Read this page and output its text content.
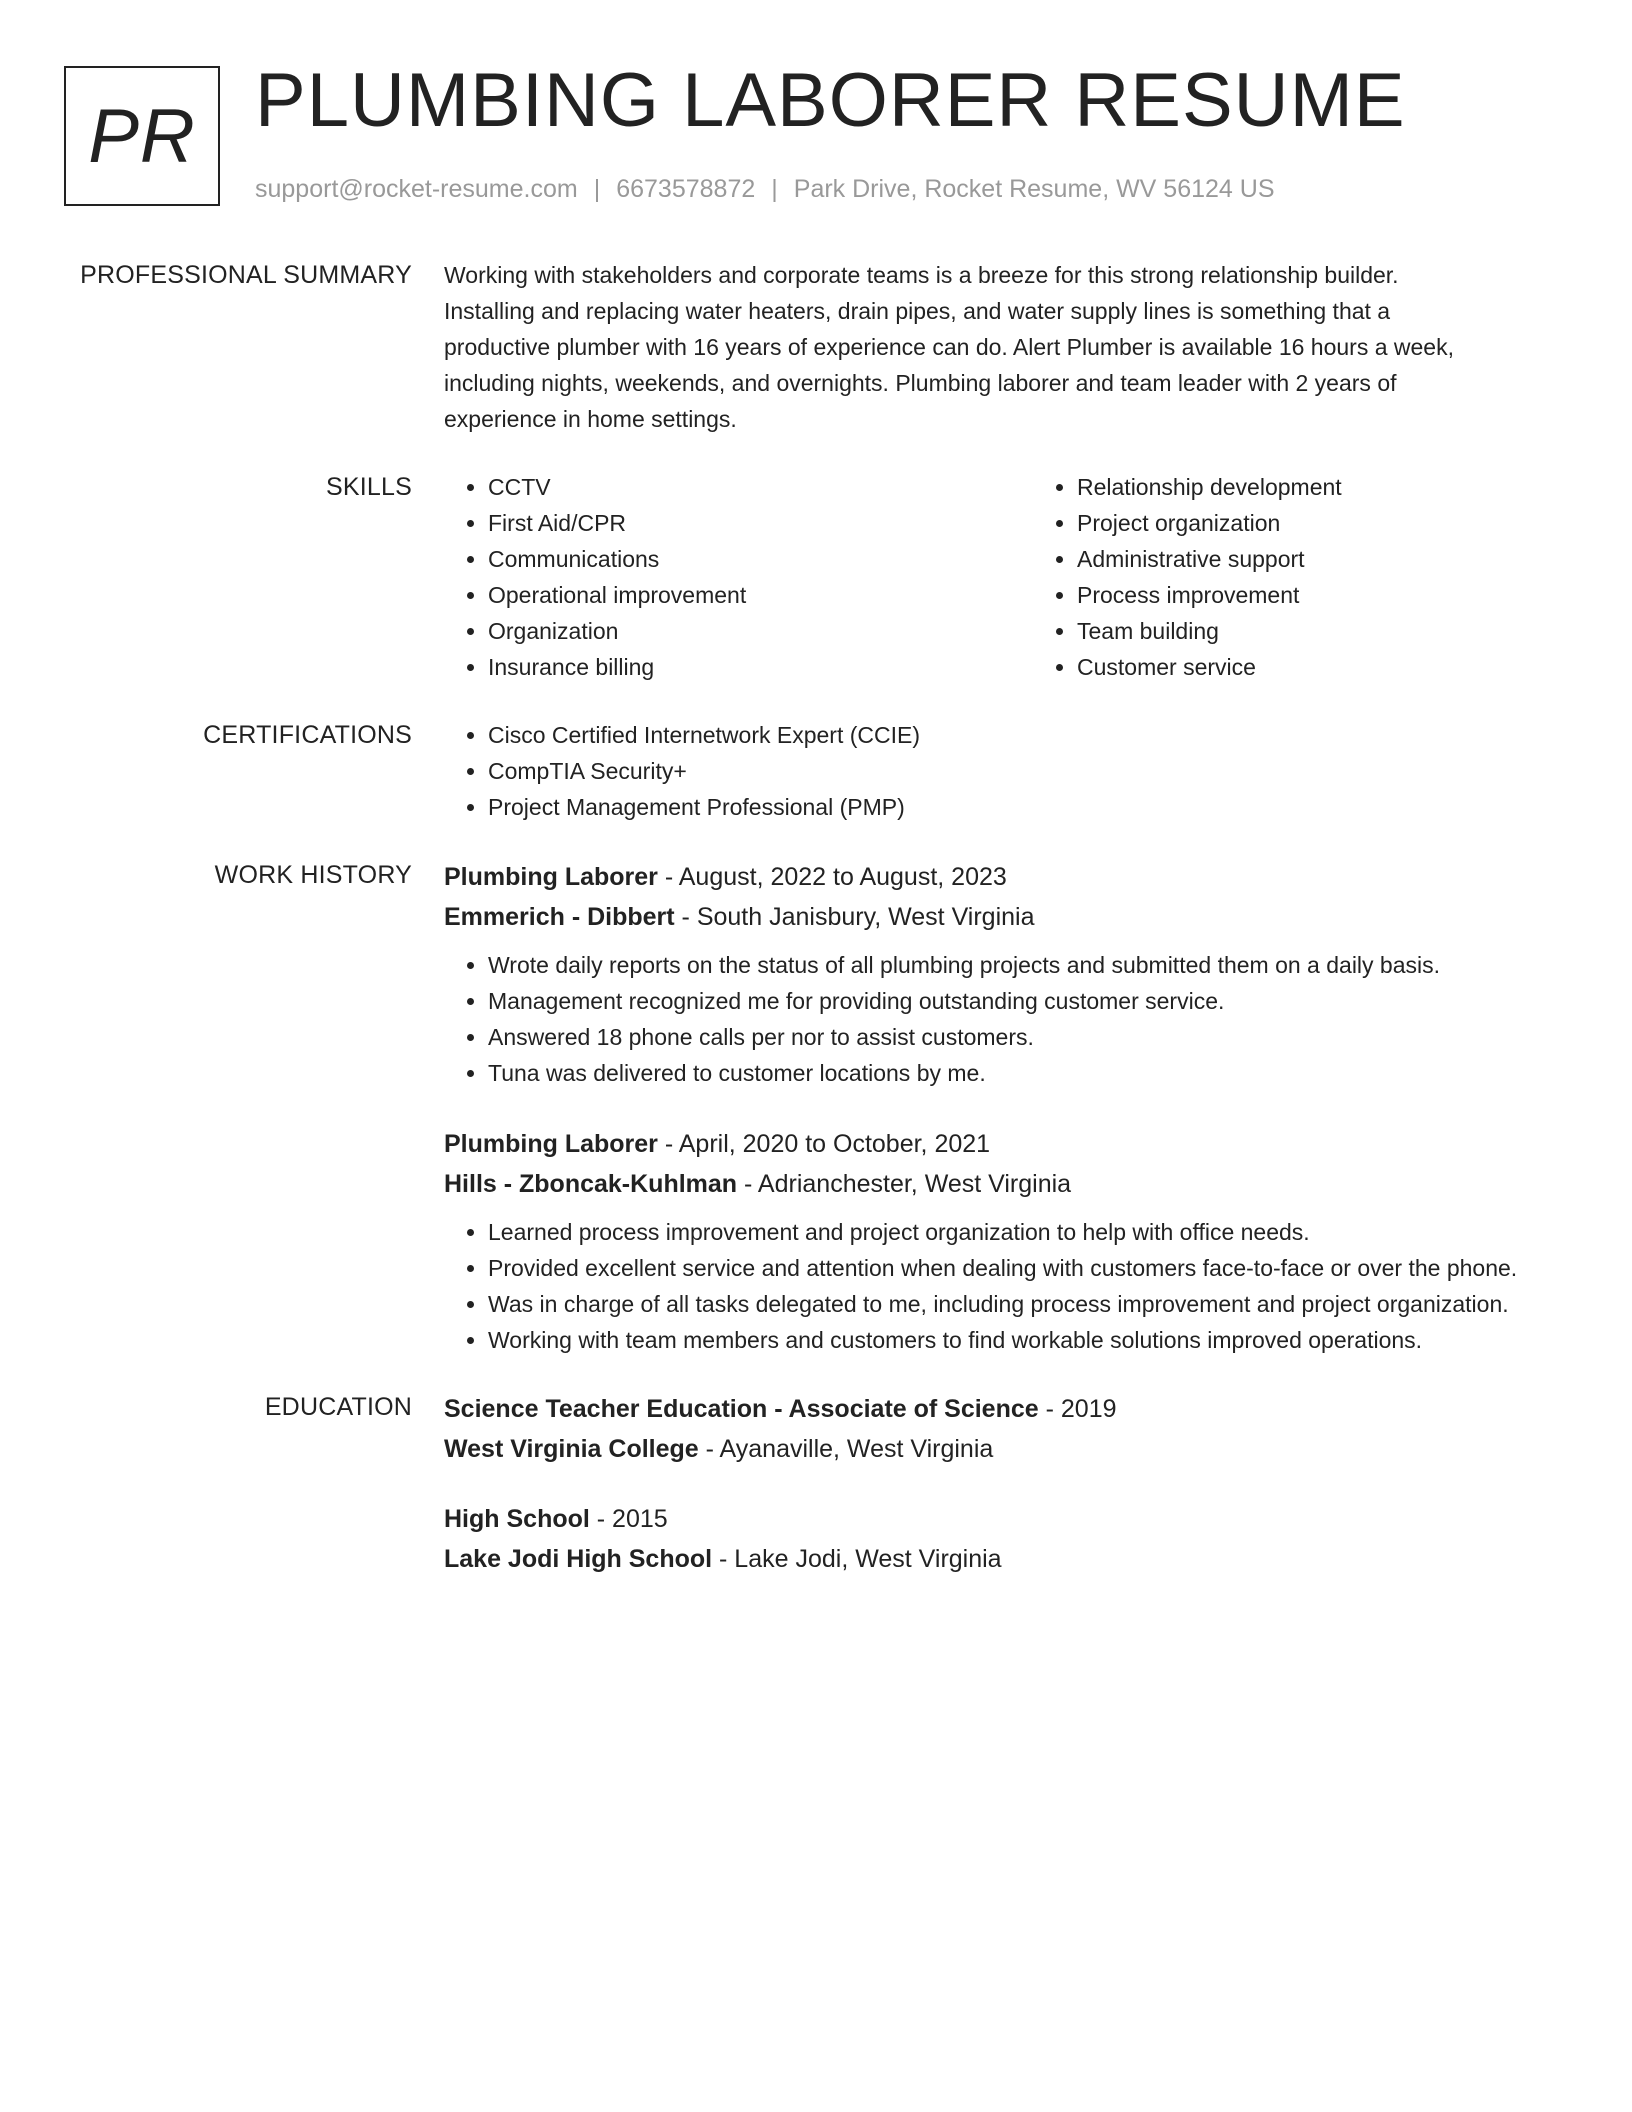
PR PLUMBING LABORER RESUME
support@rocket-resume.com | 6673578872 | Park Drive, Rocket Resume, WV 56124 US
PROFESSIONAL SUMMARY Working with stakeholders and corporate teams is a breeze for this strong relationship builder.
Installing and replacing water heaters, drain pipes, and water supply lines is something that a
productive plumber with 16 years of experience can do. Alert Plumber is available 16 hours a week,
including nights, weekends, and overnights. Plumbing laborer and team leader with 2 years of
experience in home settings.
SKILLS	• CCTV
• First Aid/CPR
• Communications
• Operational improvement
• Organization
• Insurance billing
• Relationship development
• Project organization
• Administrative support
• Process improvement
• Team building
• Customer service
CERTIFICATIONS	• Cisco Certified Internetwork Expert (CCIE)
• CompTIA Security+
• Project Management Professional (PMP)
WORK HISTORY Plumbing Laborer - August, 2022 to August, 2023
Emmerich - Dibbert - South Janisbury, West Virginia
• Wrote daily reports on the status of all plumbing projects and submitted them on a daily basis.
• Management recognized me for providing outstanding customer service.
• Answered 18 phone calls per nor to assist customers.
• Tuna was delivered to customer locations by me.
Plumbing Laborer - April, 2020 to October, 2021
Hills - Zboncak-Kuhlman - Adrianchester, West Virginia
• Learned process improvement and project organization to help with office needs.
• Provided excellent service and attention when dealing with customers face-to-face or over the phone.
• Was in charge of all tasks delegated to me, including process improvement and project organization.
• Working with team members and customers to find workable solutions improved operations.
EDUCATION Science Teacher Education - Associate of Science - 2019
West Virginia College - Ayanaville, West Virginia
High School - 2015
Lake Jodi High School - Lake Jodi, West Virginia
